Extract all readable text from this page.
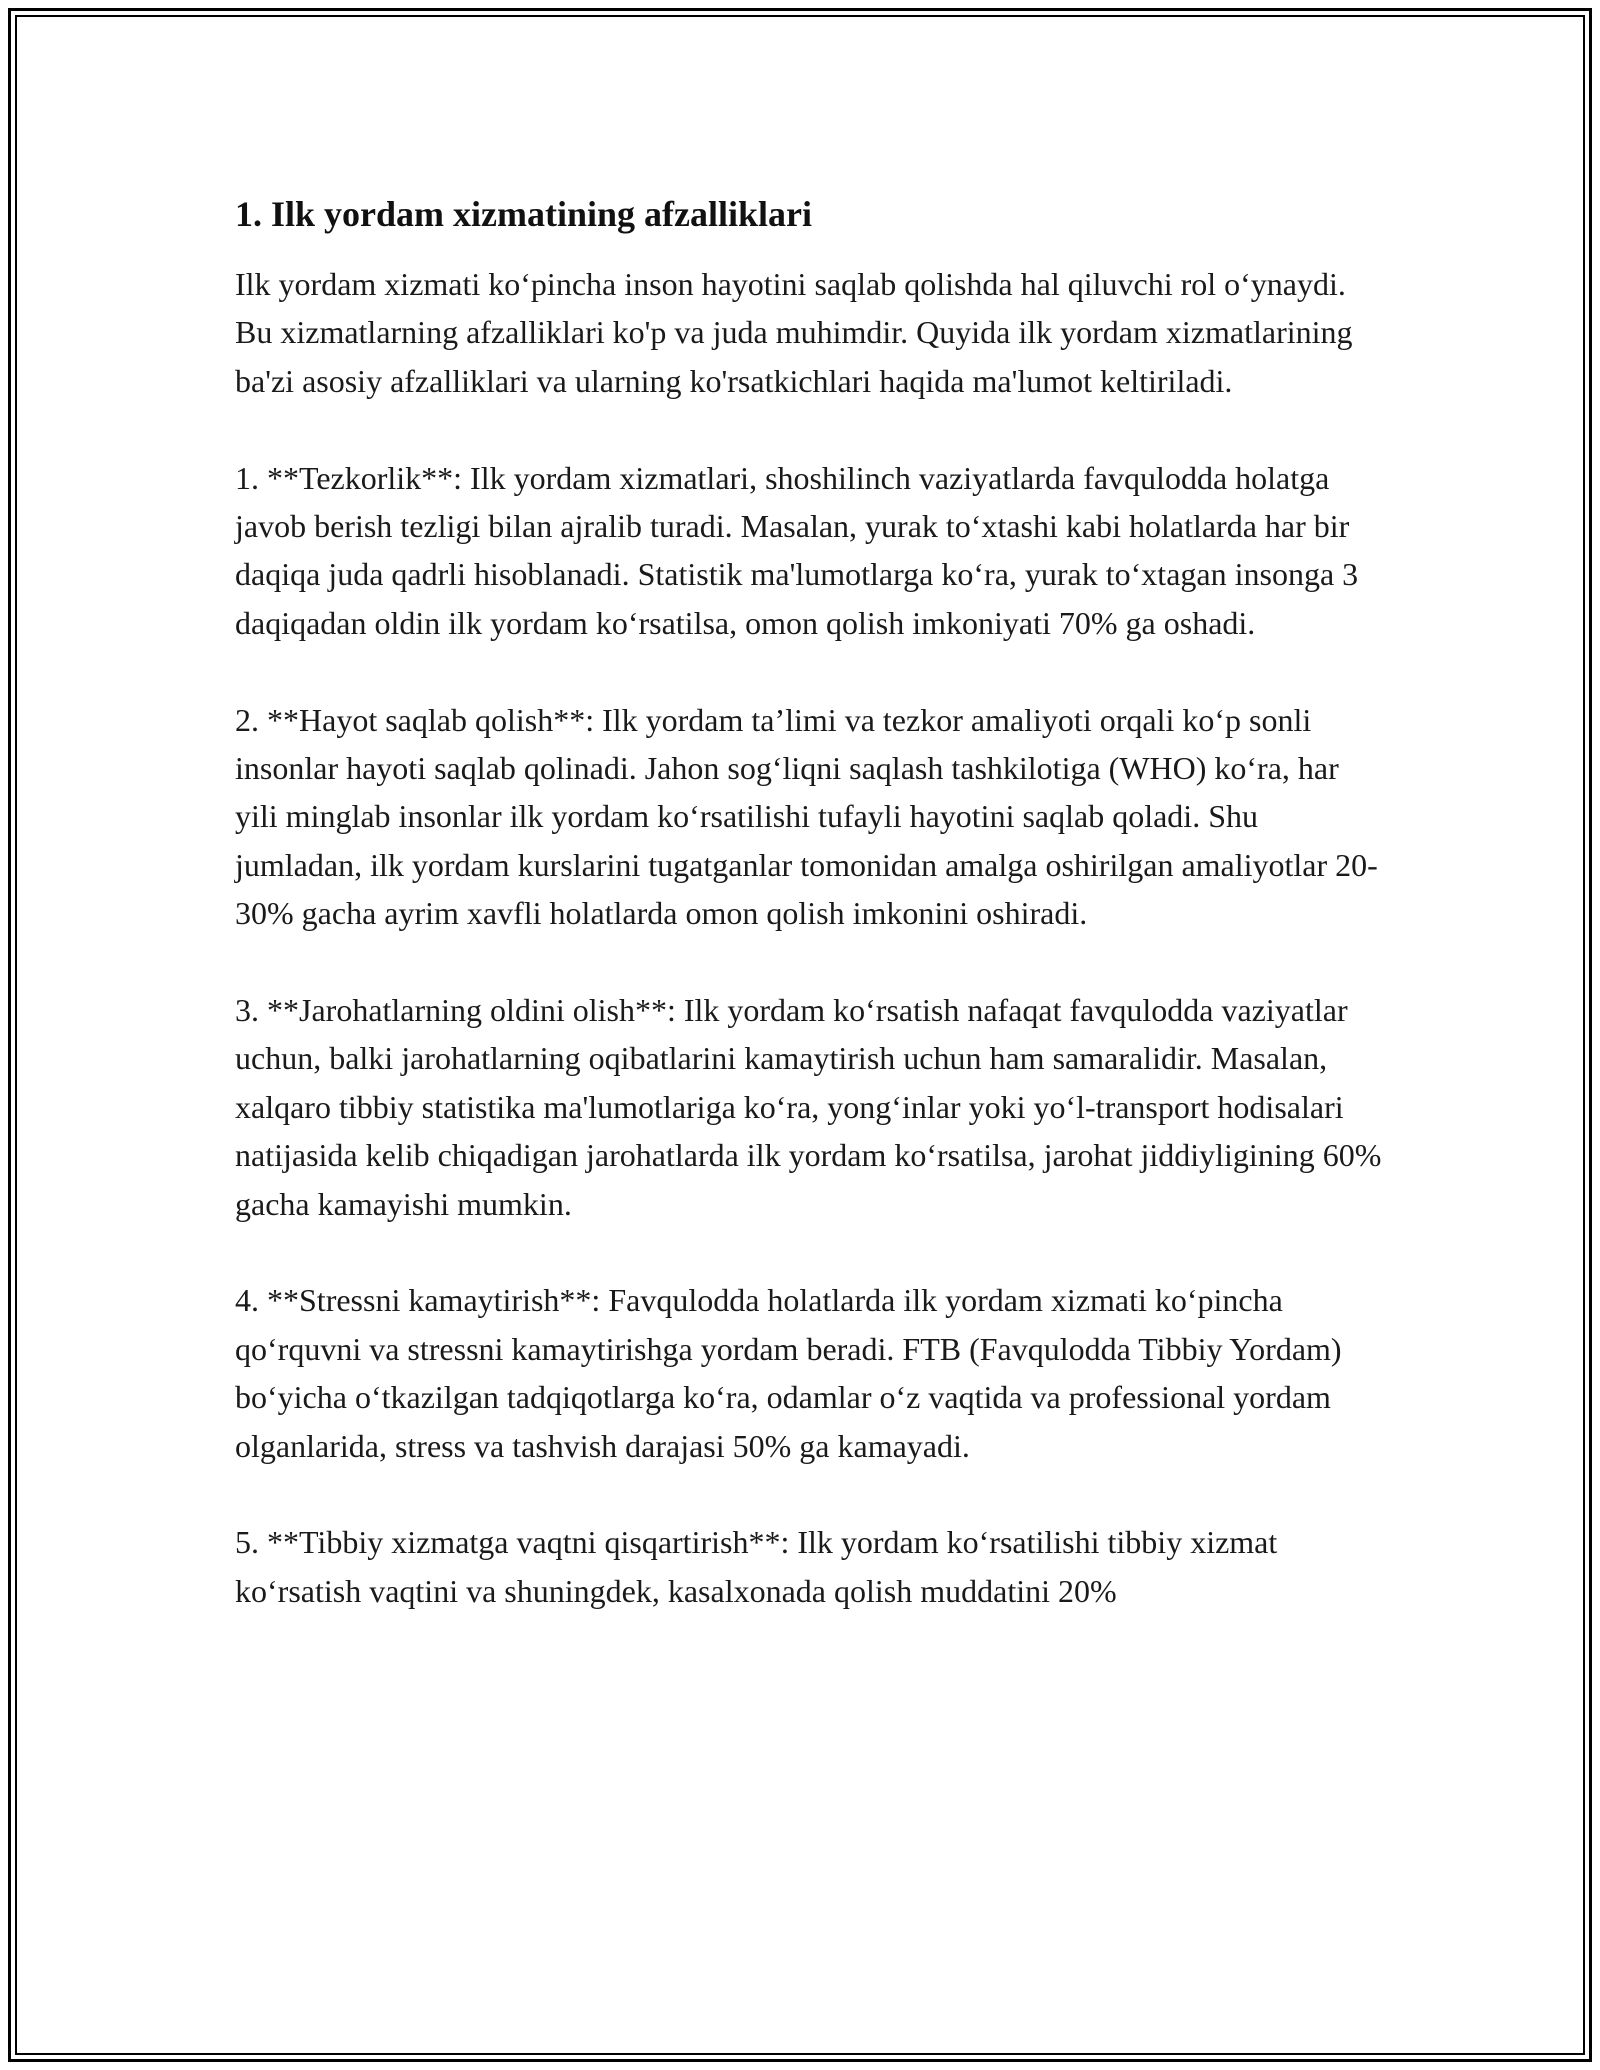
1. Ilk yordam xizmatining afzalliklari

Ilk yordam xizmati ko‘pincha inson hayotini saqlab qolishda hal qiluvchi rol o‘ynaydi. Bu xizmatlarning afzalliklari ko'p va juda muhimdir. Quyida ilk yordam xizmatlarining ba'zi asosiy afzalliklari va ularning ko'rsatkichlari haqida ma'lumot keltiriladi.

1. **Tezkorlik**: Ilk yordam xizmatlari, shoshilinch vaziyatlarda favqulodda holatga javob berish tezligi bilan ajralib turadi. Masalan, yurak to‘xtashi kabi holatlarda har bir daqiqa juda qadrli hisoblanadi. Statistik ma'lumotlarga ko‘ra, yurak to‘xtagan insonga 3 daqiqadan oldin ilk yordam ko‘rsatilsa, omon qolish imkoniyati 70% ga oshadi.

2. **Hayot saqlab qolish**: Ilk yordam ta’limi va tezkor amaliyoti orqali ko‘p sonli insonlar hayoti saqlab qolinadi. Jahon sog‘liqni saqlash tashkilotiga (WHO) ko‘ra, har yili minglab insonlar ilk yordam ko‘rsatilishi tufayli hayotini saqlab qoladi. Shu jumladan, ilk yordam kurslarini tugatganlar tomonidan amalga oshirilgan amaliyotlar 20-30% gacha ayrim xavfli holatlarda omon qolish imkonini oshiradi.

3. **Jarohatlarning oldini olish**: Ilk yordam ko‘rsatish nafaqat favqulodda vaziyatlar uchun, balki jarohatlarning oqibatlarini kamaytirish uchun ham samaralidir. Masalan, xalqaro tibbiy statistika ma'lumotlariga ko‘ra, yong‘inlar yoki yo‘l-transport hodisalari natijasida kelib chiqadigan jarohatlarda ilk yordam ko‘rsatilsa, jarohat jiddiyligining 60% gacha kamayishi mumkin.

4. **Stressni kamaytirish**: Favqulodda holatlarda ilk yordam xizmati ko‘pincha qo‘rquvni va stressni kamaytirishga yordam beradi. FTB (Favqulodda Tibbiy Yordam) bo‘yicha o‘tkazilgan tadqiqotlarga ko‘ra, odamlar o‘z vaqtida va professional yordam olganlarida, stress va tashvish darajasi 50% ga kamayadi.

5. **Tibbiy xizmatga vaqtni qisqartirish**: Ilk yordam ko‘rsatilishi tibbiy xizmat ko‘rsatish vaqtini va shuningdek, kasalxonada qolish muddatini 20%
